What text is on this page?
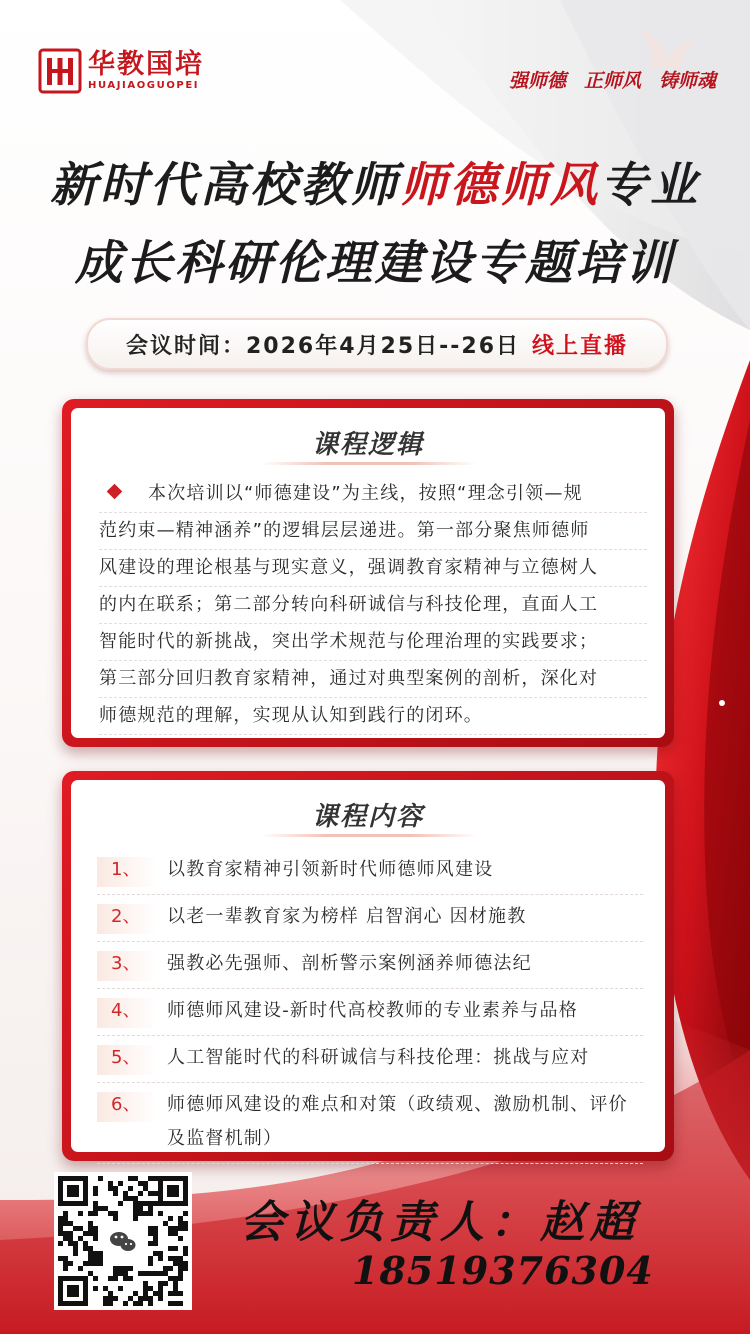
华教国培
HUAJIAOGUOPEI	强师德 正师风 铸师魂
新时代高校教师师德师风专业
成长科研伦理建设专题培训
会议时间： 2026年4月25日--26日 线上直播
课程逻辑
本次培训以“师德建设”为主线，按照“理念引领—规
范约束—精神涵养”的逻辑层层递进。第一部分聚焦师德师
风建设的理论根基与现实意义，强调教育家精神与立德树人
的内在联系；第二部分转向科研诚信与科技伦理，直面人工
智能时代的新挑战，突出学术规范与伦理治理的实践要求；
第三部分回归教育家精神，通过对典型案例的剖析，深化对
师德规范的理解，实现从认知到践行的闭环。
课程内容
1、	以教育家精神引领新时代师德师风建设
2、	以老一辈教育家为榜样 启智润心 因材施教
3、	强教必先强师、剖析警示案例涵养师德法纪
4、	师德师风建设-新时代高校教师的专业素养与品格
5、	人工智能时代的科研诚信与科技伦理：挑战与应对
6、	师德师风建设的难点和对策（政绩观、激励机制、评价及监督机制）
会议负责人：赵超
18519376304
